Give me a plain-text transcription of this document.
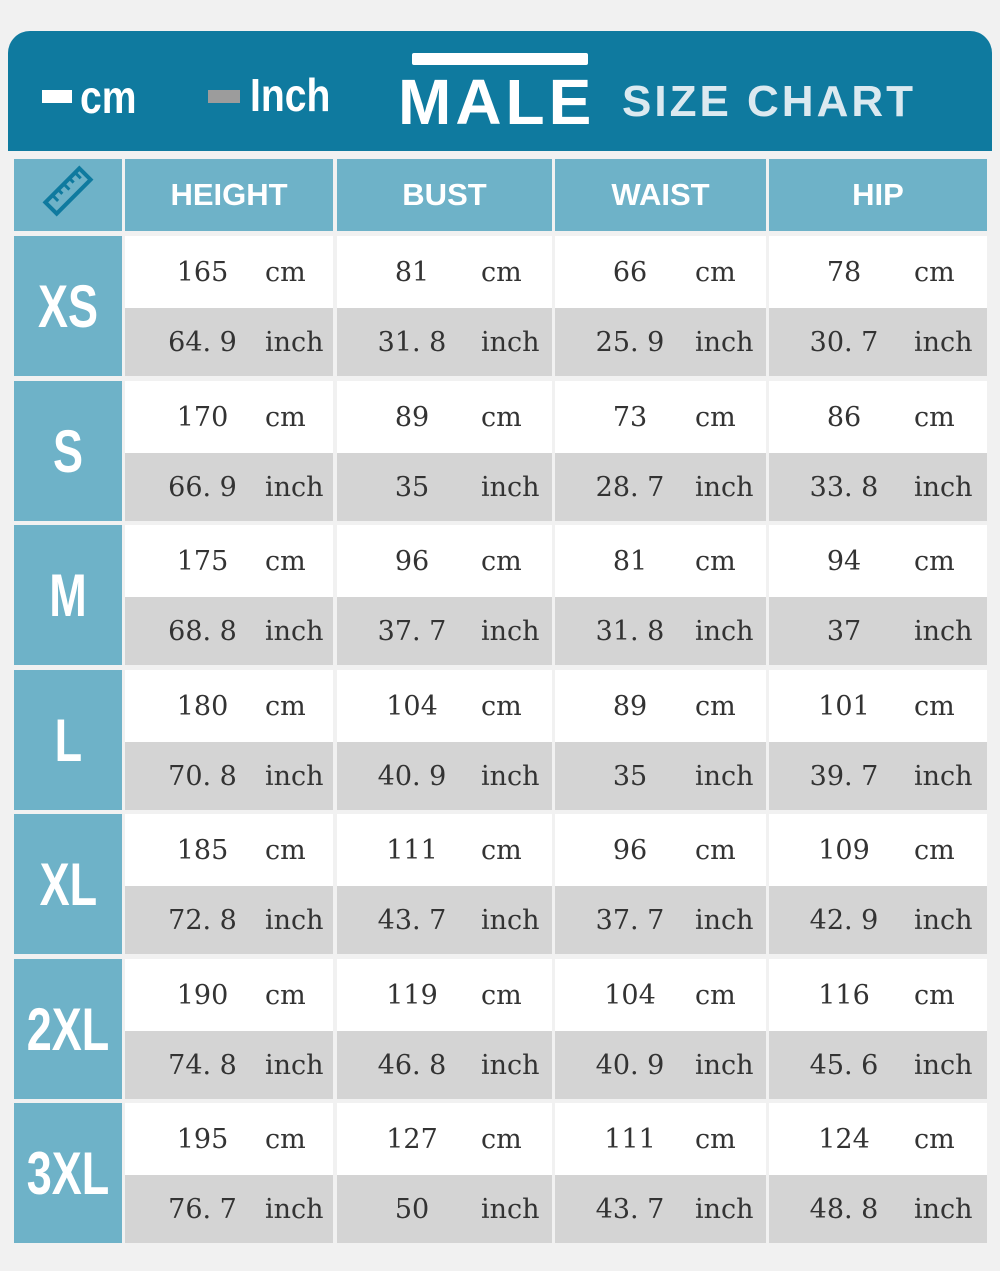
cm Inch MALE SIZE CHART
HEIGHT	BUST	WAIST	HIP
XS
165	cm	81	cm	66	cm	78	cm
64. 9	inch	31. 8	inch	25. 9	inch	30. 7	inch
S
170	cm	89	cm	73	cm	86	cm
66. 9	inch	35	inch	28. 7	inch	33. 8	inch
M
175	cm	96	cm	81	cm	94	cm
68. 8	inch	37. 7	inch	31. 8	inch	37	inch
L
180	cm	104	cm	89	cm	101	cm
70. 8	inch	40. 9	inch	35	inch	39. 7	inch
XL
185	cm	111	cm	96	cm	109	cm
72. 8	inch	43. 7	inch	37. 7	inch	42. 9	inch
2XL
190	cm	119	cm	104	cm	116	cm
74. 8	inch	46. 8	inch	40. 9	inch	45. 6	inch
3XL
195	cm	127	cm	111	cm	124	cm
76. 7	inch	50	inch	43. 7	inch	48. 8	inch
